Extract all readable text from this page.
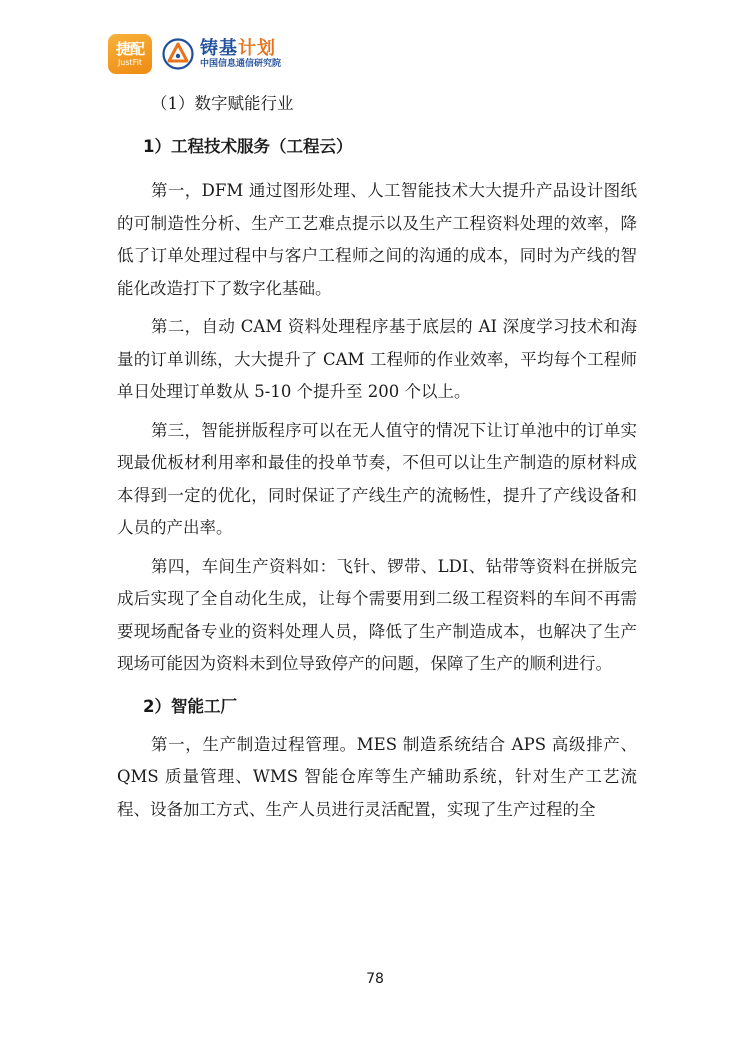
捷配
JustFit
铸基计划
中国信息通信研究院
（1）数字赋能行业
1）工程技术服务（工程云）

第一，DFM 通过图形处理、人工智能技术大大提升产品设计图纸的可制造性分析、生产工艺难点提示以及生产工程资料处理的效率，降低了订单处理过程中与客户工程师之间的沟通的成本，同时为产线的智能化改造打下了数字化基础。

第二，自动 CAM 资料处理程序基于底层的 AI 深度学习技术和海量的订单训练，大大提升了 CAM 工程师的作业效率，平均每个工程师单日处理订单数从 5-10 个提升至 200 个以上。

第三，智能拼版程序可以在无人值守的情况下让订单池中的订单实现最优板材利用率和最佳的投单节奏，不但可以让生产制造的原材料成本得到一定的优化，同时保证了产线生产的流畅性，提升了产线设备和人员的产出率。

第四，车间生产资料如：飞针、锣带、LDI、钻带等资料在拼版完成后实现了全自动化生成，让每个需要用到二级工程资料的车间不再需要现场配备专业的资料处理人员，降低了生产制造成本，也解决了生产现场可能因为资料未到位导致停产的问题，保障了生产的顺利进行。

2）智能工厂

第一，生产制造过程管理。MES 制造系统结合 APS 高级排产、QMS 质量管理、WMS 智能仓库等生产辅助系统，针对生产工艺流程、设备加工方式、生产人员进行灵活配置，实现了生产过程的全

78
